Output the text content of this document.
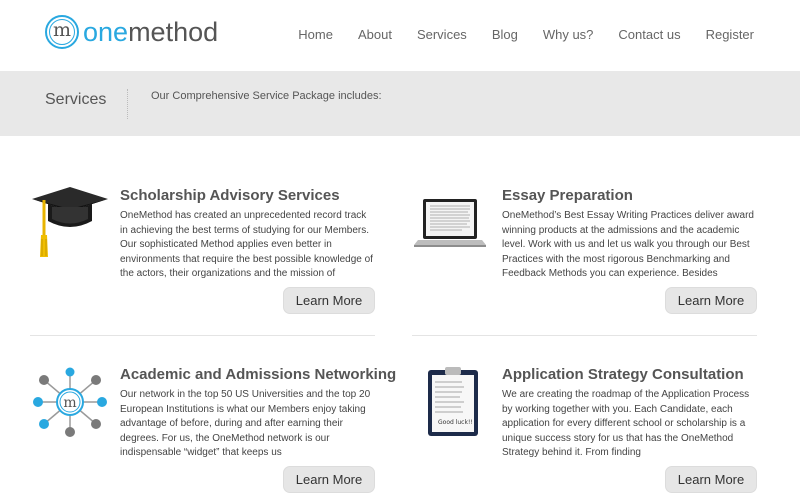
m onemethod	Home About Services Blog Why us? Contact us Register
Services	Our Comprehensive Service Package includes:
Scholarship Advisory Services
OneMethod has created an unprecedented record track in achieving the best terms of studying for our Members. Our sophisticated Method applies even better in environments that require the best possible knowledge of the actors, their organizations and the mission of
Learn More
Essay Preparation
OneMethod’s Best Essay Writing Practices deliver award winning products at the admissions and the academic level. Work with us and let us walk you through our Best Practices with the most rigorous Benchmarking and Feedback Methods you can experience. Besides
Learn More
m
Academic and Admissions Networking
Our network in the top 50 US Universities and the top 20 European Institutions is what our Members enjoy taking advantage of before, during and after earning their degrees. For us, the OneMethod network is our indispensable “widget” that keeps us
Learn More
Good luck!!
Application Strategy Consultation
We are creating the roadmap of the Application Process by working together with you. Each Candidate, each application for every different school or scholarship is a unique success story for us that has the OneMethod Strategy behind it. From finding
Learn More
